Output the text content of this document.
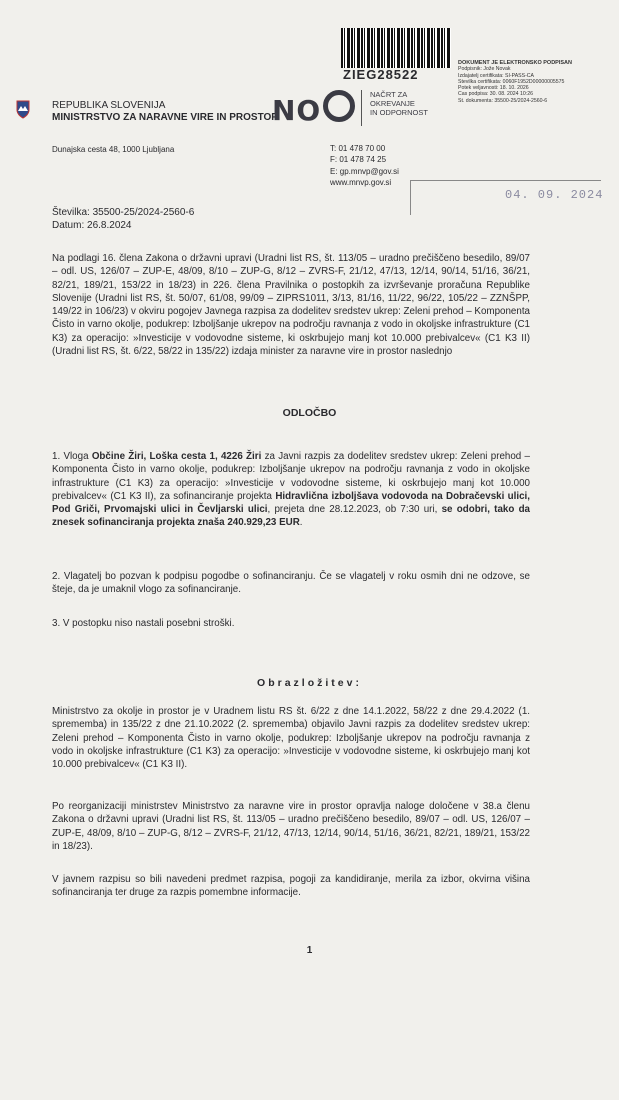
ZIEG28522
DOKUMENT JE ELEKTRONSKO PODPISAN
Podpisnik: Jože Novak
Izdajatelj certifikata: SI-PASS-CA
Številka certifikata: 0060F1952D00000005575
Potek veljavnosti: 18. 10. 2026
Čas podpisa: 30. 08. 2024 10:26
Št. dokumenta: 35500-25/2024-2560-6
REPUBLIKA SLOVENIJA
MINISTRSTVO ZA NARAVNE VIRE IN PROSTOR
NO	NAČRT ZA
OKREVANJE
IN ODPORNOST
Dunajska cesta 48, 1000 Ljubljana	T: 01 478 70 00
F: 01 478 74 25
E: gp.mnvp@gov.si
www.mnvp.gov.si
04. 09. 2024
Številka: 35500-25/2024-2560-6
Datum: 26.8.2024

Na podlagi 16. člena Zakona o državni upravi (Uradni list RS, št. 113/05 – uradno prečiščeno besedilo, 89/07 – odl. US, 126/07 – ZUP-E, 48/09, 8/10 – ZUP-G, 8/12 – ZVRS-F, 21/12, 47/13, 12/14, 90/14, 51/16, 36/21, 82/21, 189/21, 153/22 in 18/23) in 226. člena Pravilnika o postopkih za izvrševanje proračuna Republike Slovenije (Uradni list RS, št. 50/07, 61/08, 99/09 – ZIPRS1011, 3/13, 81/16, 11/22, 96/22, 105/22 – ZZNŠPP, 149/22 in 106/23) v okviru pogojev Javnega razpisa za dodelitev sredstev ukrep: Zeleni prehod – Komponenta Čisto in varno okolje, podukrep: Izboljšanje ukrepov na področju ravnanja z vodo in okoljske infrastrukture (C1 K3) za operacijo: »Investicije v vodovodne sisteme, ki oskrbujejo manj kot 10.000 prebivalcev« (C1 K3 II) (Uradni list RS, št. 6/22, 58/22 in 135/22) izdaja minister za naravne vire in prostor naslednjo

ODLOČBO

1. Vloga Občine Žiri, Loška cesta 1, 4226 Žiri za Javni razpis za dodelitev sredstev ukrep: Zeleni prehod – Komponenta Čisto in varno okolje, podukrep: Izboljšanje ukrepov na področju ravnanja z vodo in okoljske infrastrukture (C1 K3) za operacijo: »Investicije v vodovodne sisteme, ki oskrbujejo manj kot 10.000 prebivalcev« (C1 K3 II), za sofinanciranje projekta Hidravlična izboljšava vodovoda na Dobračevski ulici, Pod Griči, Prvomajski ulici in Čevljarski ulici, prejeta dne 28.12.2023, ob 7:30 uri, se odobri, tako da znesek sofinanciranja projekta znaša 240.929,23 EUR.

2. Vlagatelj bo pozvan k podpisu pogodbe o sofinanciranju. Če se vlagatelj v roku osmih dni ne odzove, se šteje, da je umaknil vlogo za sofinanciranje.

3. V postopku niso nastali posebni stroški.

Obrazložitev:

Ministrstvo za okolje in prostor je v Uradnem listu RS št. 6/22 z dne 14.1.2022, 58/22 z dne 29.4.2022 (1. sprememba) in 135/22 z dne 21.10.2022 (2. sprememba) objavilo Javni razpis za dodelitev sredstev ukrep: Zeleni prehod – Komponenta Čisto in varno okolje, podukrep: Izboljšanje ukrepov na področju ravnanja z vodo in okoljske infrastrukture (C1 K3) za operacijo: »Investicije v vodovodne sisteme, ki oskrbujejo manj kot 10.000 prebivalcev« (C1 K3 II).

Po reorganizaciji ministrstev Ministrstvo za naravne vire in prostor opravlja naloge določene v 38.a členu Zakona o državni upravi (Uradni list RS, št. 113/05 – uradno prečiščeno besedilo, 89/07 – odl. US, 126/07 – ZUP-E, 48/09, 8/10 – ZUP-G, 8/12 – ZVRS-F, 21/12, 47/13, 12/14, 90/14, 51/16, 36/21, 82/21, 189/21, 153/22 in 18/23).

V javnem razpisu so bili navedeni predmet razpisa, pogoji za kandidiranje, merila za izbor, okvirna višina sofinanciranja ter druge za razpis pomembne informacije.

1
